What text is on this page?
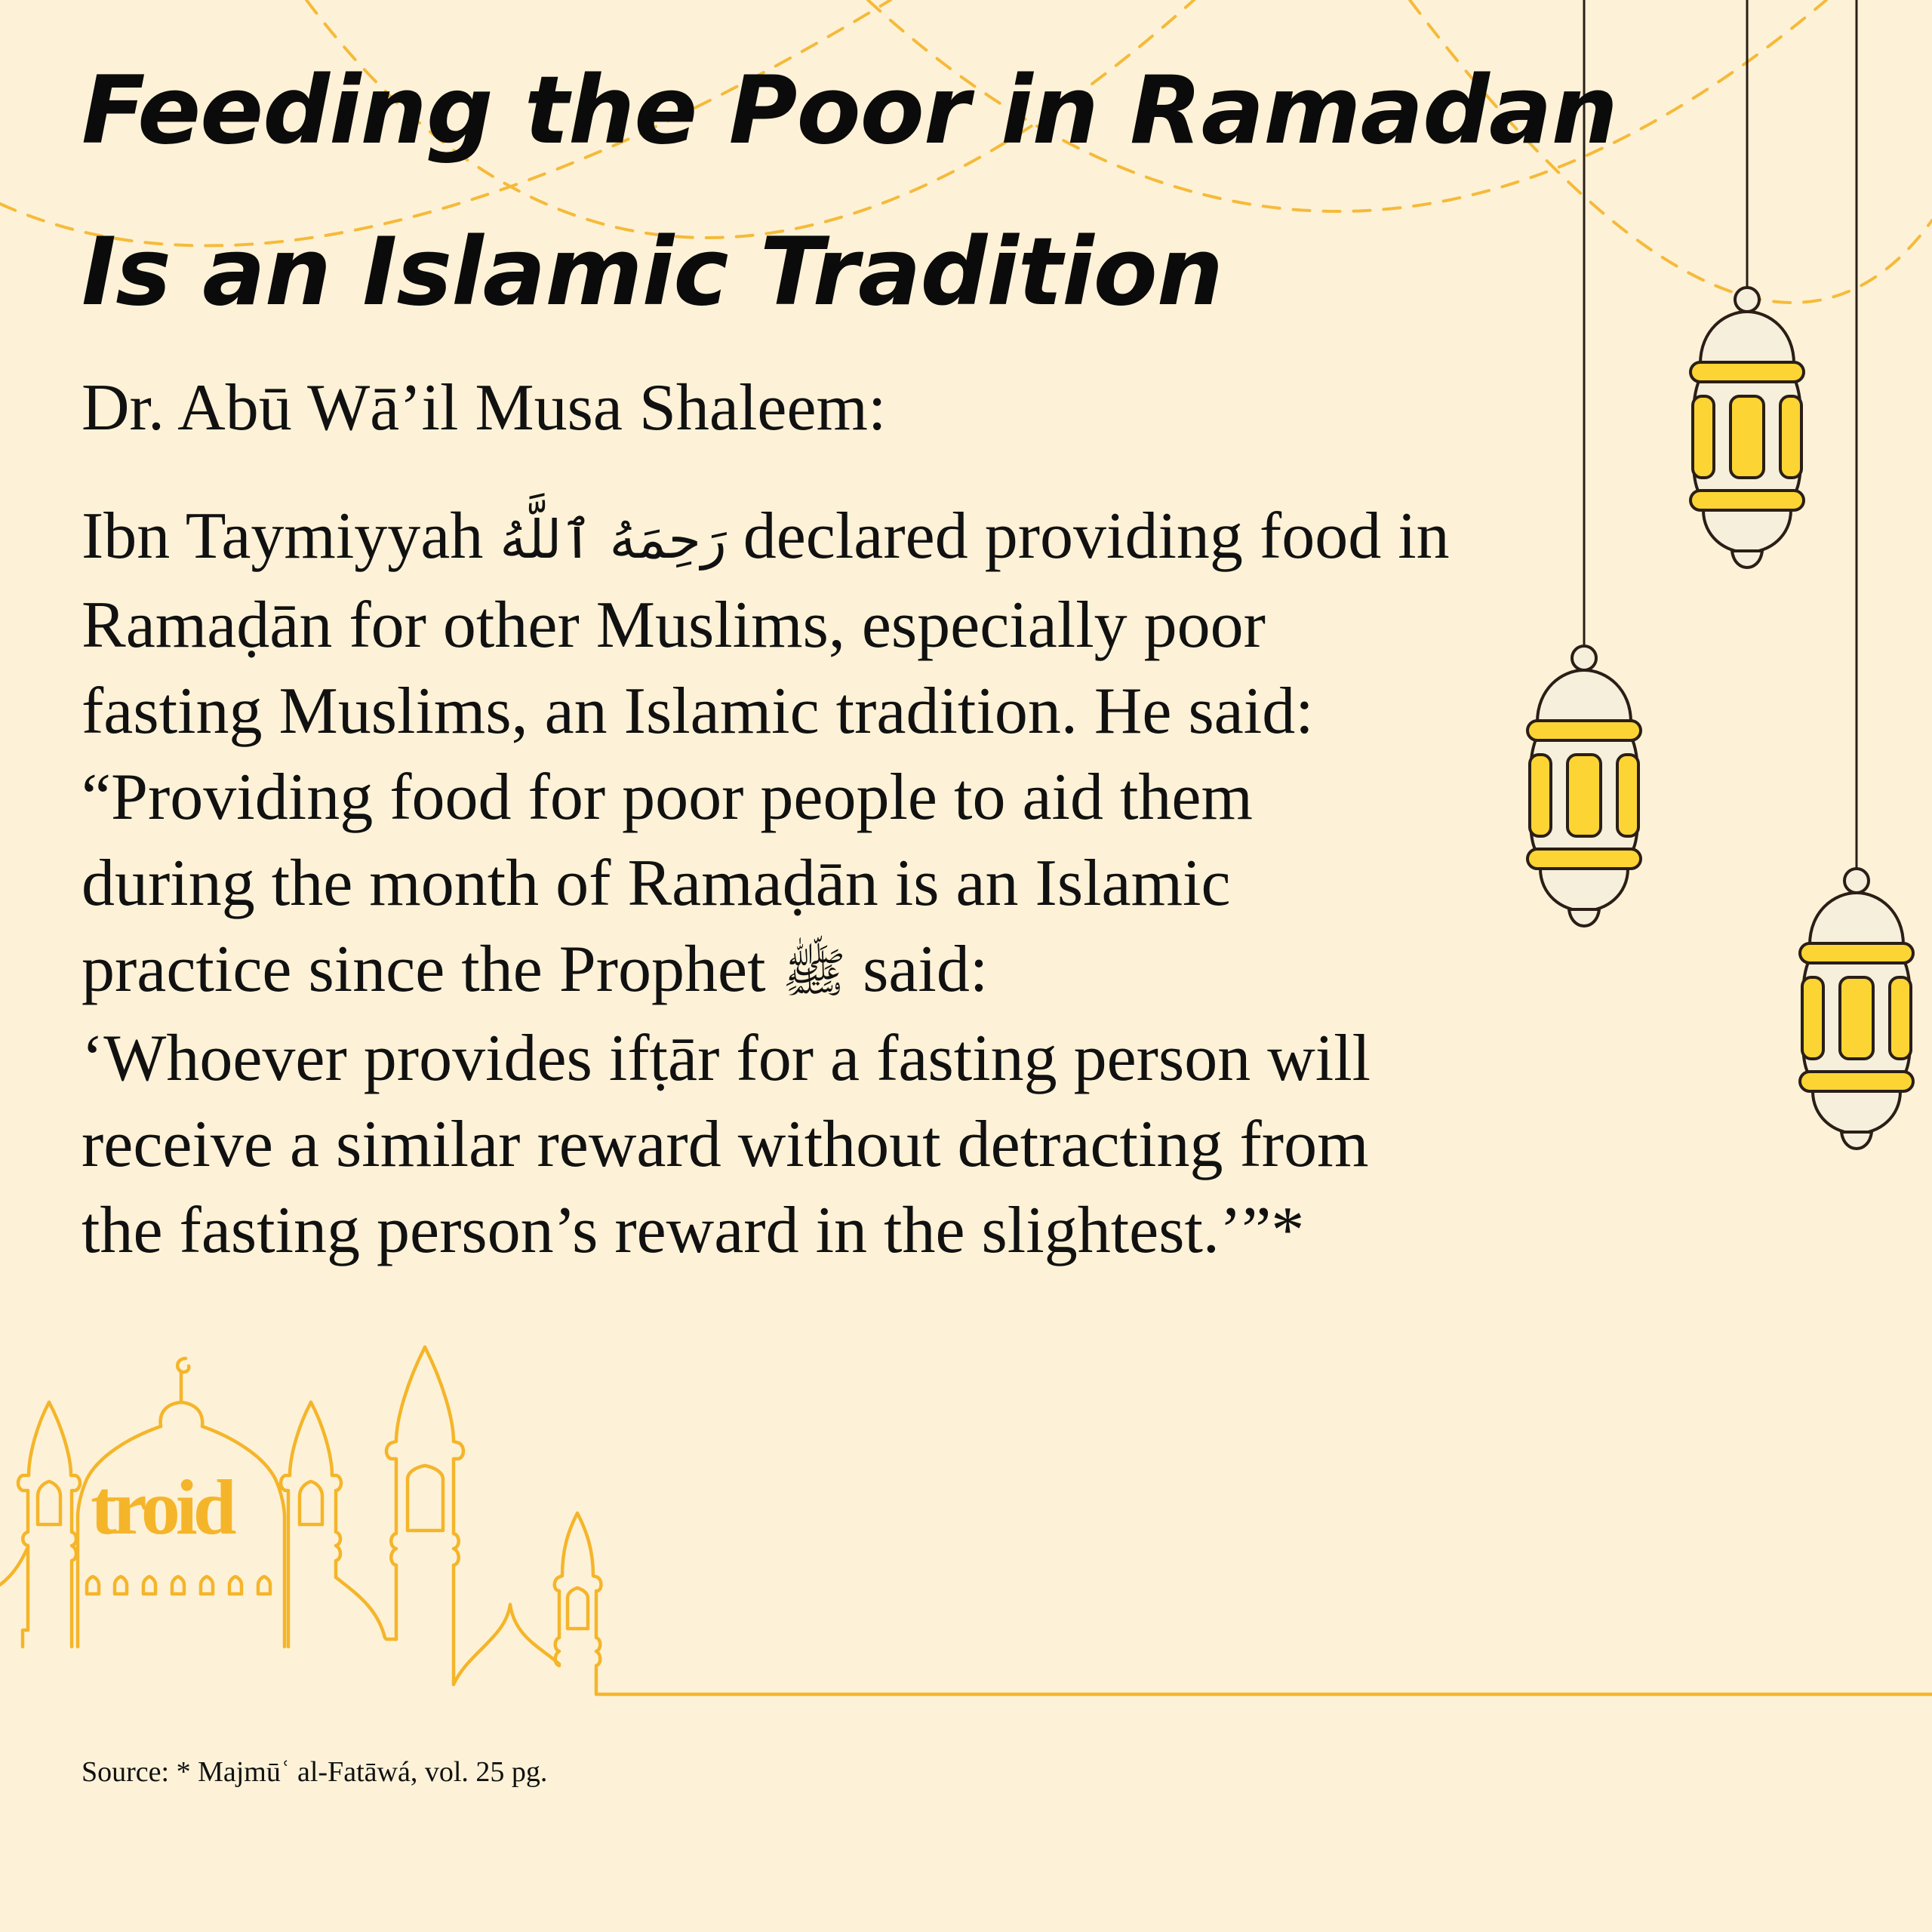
troid
Feeding the Poor in Ramadan
Is an Islamic Tradition

Dr. Abū Wā’il Musa Shaleem:

Ibn Taymiyyah رَحِمَهُ ٱللَّهُ declared providing food in
Ramaḍān for other Muslims, especially poor
fasting Muslims, an Islamic tradition. He said:
“Providing food for poor people to aid them
during the month of Ramaḍān is an Islamic
practice since the Prophet ﷺ said:
‘Whoever provides ifṭār for a fasting person will
receive a similar reward without detracting from
the fasting person’s reward in the slightest.’”*

Source: * Majmūʿ al-Fatāwá, vol. 25 pg.
